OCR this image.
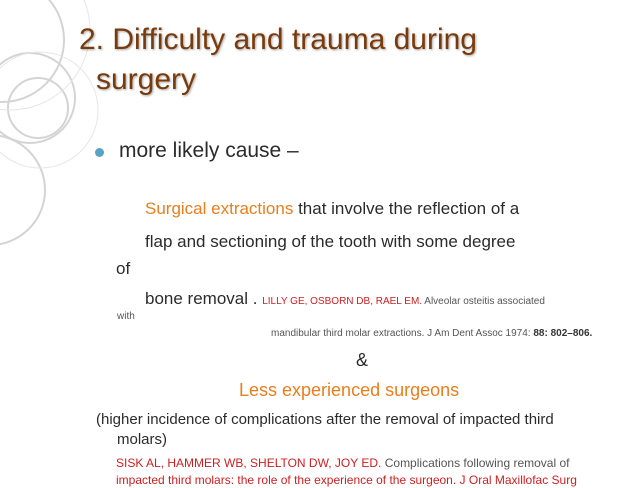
2. Difficulty and trauma during
surgery
more likely cause –
Surgical extractions that involve the reflection of a
flap and sectioning of the tooth with some degree
of
bone removal . LILLY GE, OSBORN DB, RAEL EM. Alveolar osteitis associated
with
mandibular third molar extractions. J Am Dent Assoc 1974: 88: 802–806.
&
Less experienced surgeons
(higher incidence of complications after the removal of impacted third
molars)
SISK AL, HAMMER WB, SHELTON DW, JOY ED. Complications following removal of
impacted third molars: the role of the experience of the surgeon. J Oral Maxillofac Surg
